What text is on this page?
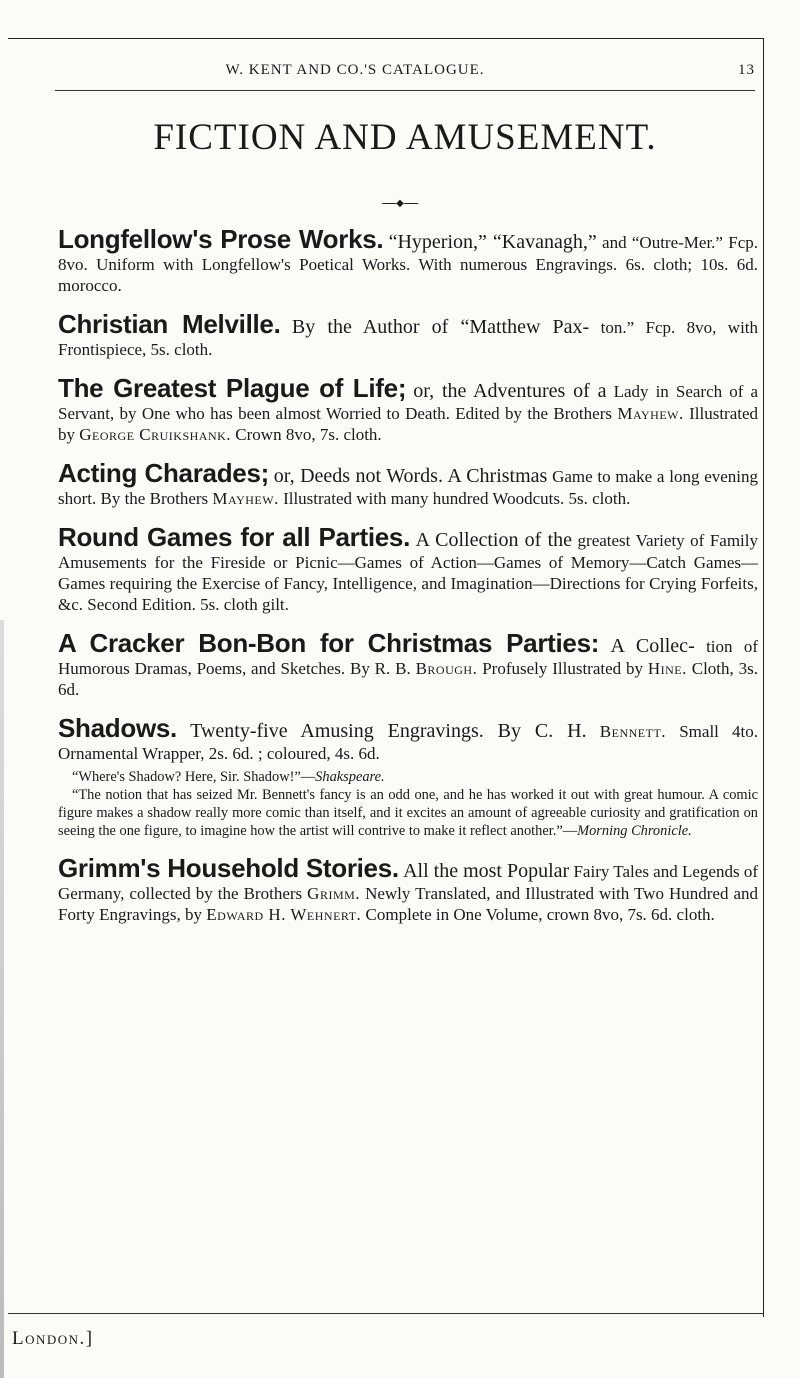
W. KENT AND CO.'S CATALOGUE.	13
FICTION AND AMUSEMENT.
◆
Longfellow's Prose Works. “Hyperion,” “Kavanagh,” and “Outre-Mer.” Fcp. 8vo. Uniform with Longfellow's Poetical Works. With numerous Engravings. 6s. cloth; 10s. 6d. morocco.
Christian Melville. By the Author of “Matthew Pax- ton.” Fcp. 8vo, with Frontispiece, 5s. cloth.
The Greatest Plague of Life; or, the Adventures of a Lady in Search of a Servant, by One who has been almost Worried to Death. Edited by the Brothers Mayhew. Illustrated by George Cruikshank. Crown 8vo, 7s. cloth.
Acting Charades; or, Deeds not Words. A Christmas Game to make a long evening short. By the Brothers Mayhew. Illustrated with many hundred Woodcuts. 5s. cloth.
Round Games for all Parties. A Collection of the greatest Variety of Family Amusements for the Fireside or Picnic—Games of Action—Games of Memory—Catch Games—Games requiring the Exercise of Fancy, Intelligence, and Imagination—Directions for Crying Forfeits, &c. Second Edition. 5s. cloth gilt.
A Cracker Bon-Bon for Christmas Parties: A Collec- tion of Humorous Dramas, Poems, and Sketches. By R. B. Brough. Profusely Illustrated by Hine. Cloth, 3s. 6d.
Shadows. Twenty-five Amusing Engravings. By C. H. Bennett. Small 4to. Ornamental Wrapper, 2s. 6d. ; coloured, 4s. 6d.

“Where's Shadow? Here, Sir. Shadow!”—Shakspeare.

“The notion that has seized Mr. Bennett's fancy is an odd one, and he has worked it out with great humour. A comic figure makes a shadow really more comic than itself, and it excites an amount of agreeable curiosity and gratification on seeing the one figure, to imagine how the artist will contrive to make it reflect another.”—Morning Chronicle.

Grimm's Household Stories. All the most Popular Fairy Tales and Legends of Germany, collected by the Brothers Grimm. Newly Translated, and Illustrated with Two Hundred and Forty Engravings, by Edward H. Wehnert. Complete in One Volume, crown 8vo, 7s. 6d. cloth.
London.]
